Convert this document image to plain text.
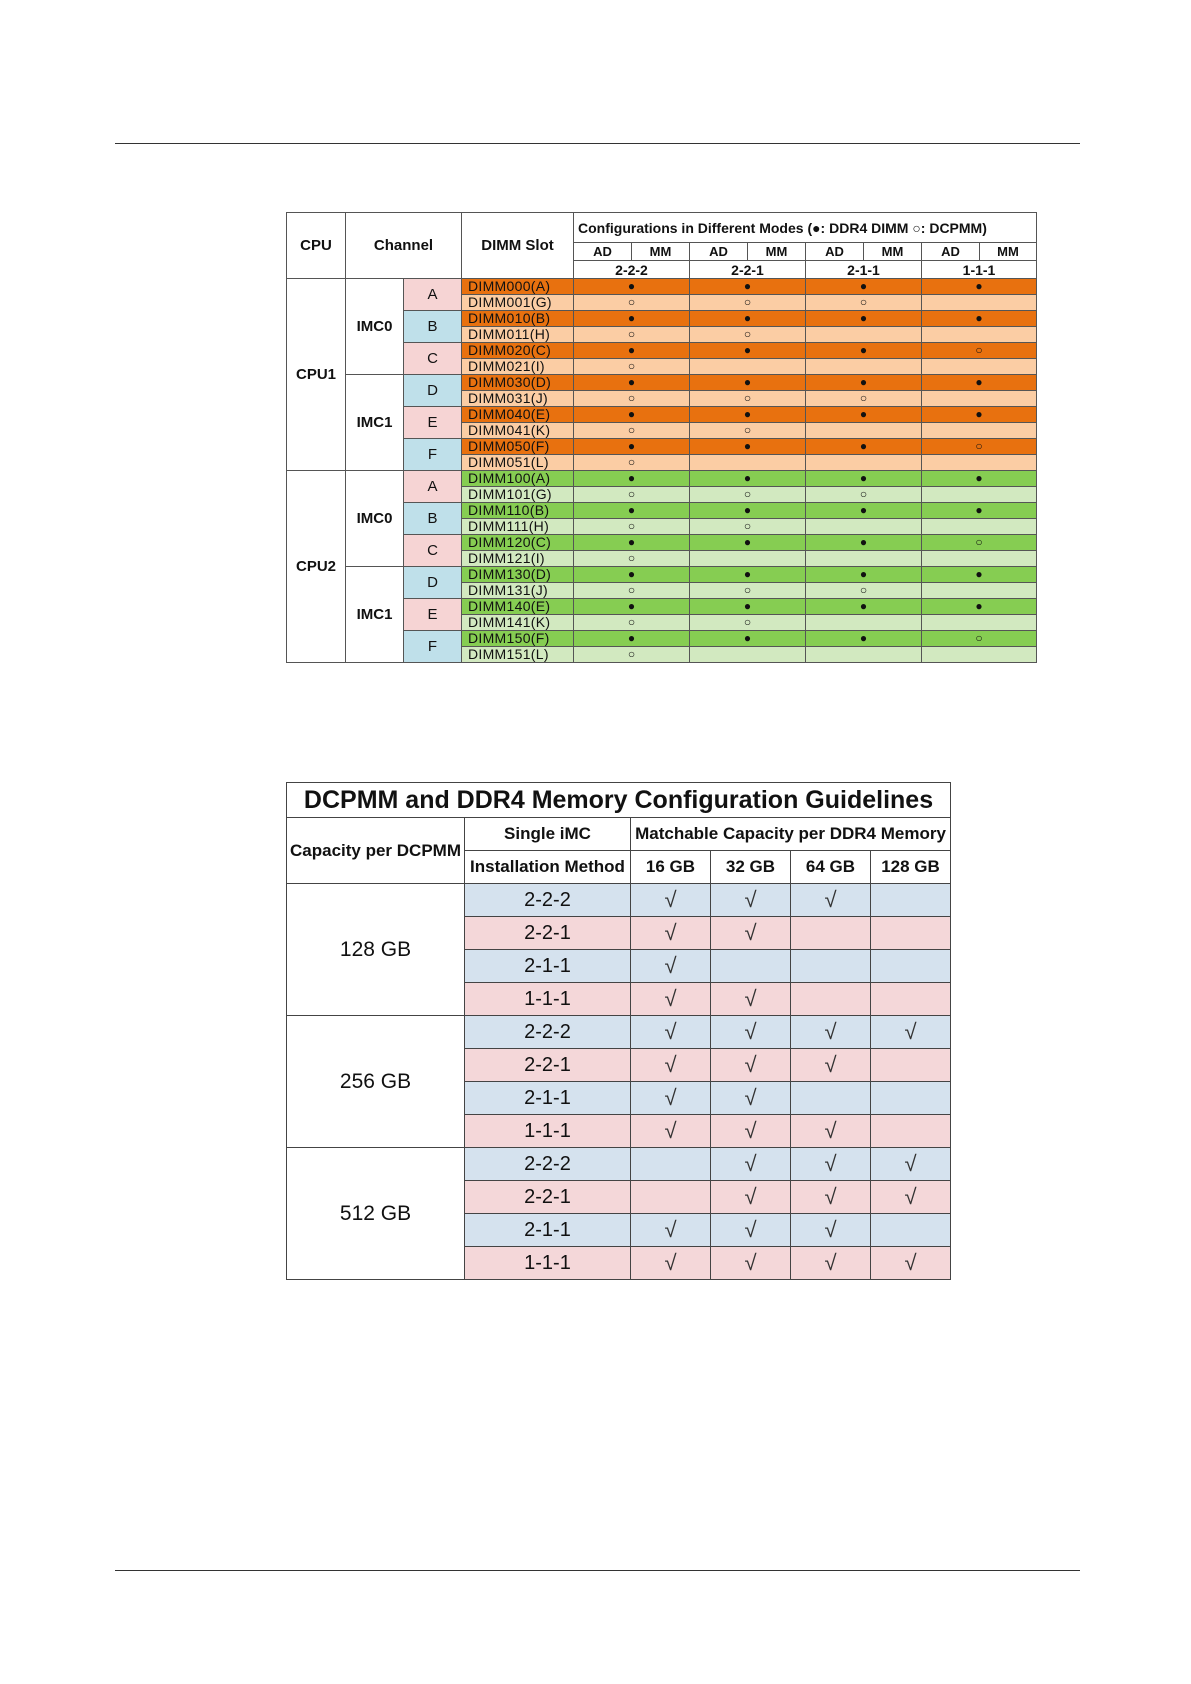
CPU	Channel		DIMM Slot	Configurations in Different Modes (●: DDR4 DIMM ○: DCPMM)							
				AD	MM	AD	MM	AD	MM	AD	MM
				2-2-2		2-2-1		2-1-1		1-1-1	
CPU1	IMC0	A	DIMM000(A)	●		●		●		●	
			DIMM001(G)	○		○		○			
		B	DIMM010(B)	●		●		●		●	
			DIMM011(H)	○		○					
		C	DIMM020(C)	●		●		●		○	
			DIMM021(I)	○							
	IMC1	D	DIMM030(D)	●		●		●		●	
			DIMM031(J)	○		○		○			
		E	DIMM040(E)	●		●		●		●	
			DIMM041(K)	○		○					
		F	DIMM050(F)	●		●		●		○	
			DIMM051(L)	○							
CPU2	IMC0	A	DIMM100(A)	●		●		●		●	
			DIMM101(G)	○		○		○			
		B	DIMM110(B)	●		●		●		●	
			DIMM111(H)	○		○					
		C	DIMM120(C)	●		●		●		○	
			DIMM121(I)	○							
	IMC1	D	DIMM130(D)	●		●		●		●	
			DIMM131(J)	○		○		○			
		E	DIMM140(E)	●		●		●		●	
			DIMM141(K)	○		○					
		F	DIMM150(F)	●		●		●		○	
			DIMM151(L)	○							
DCPMM and DDR4 Memory Configuration Guidelines					
Capacity per DCPMM	Single iMC	Matchable Capacity per DDR4 Memory			
	Installation Method	16 GB	32 GB	64 GB	128 GB
128 GB	2-2-2	√	√	√	
	2-2-1	√	√		
	2-1-1	√			
	1-1-1	√	√		
256 GB	2-2-2	√	√	√	√
	2-2-1	√	√	√	
	2-1-1	√	√		
	1-1-1	√	√	√	
512 GB	2-2-2		√	√	√
	2-2-1		√	√	√
	2-1-1	√	√	√	
	1-1-1	√	√	√	√
